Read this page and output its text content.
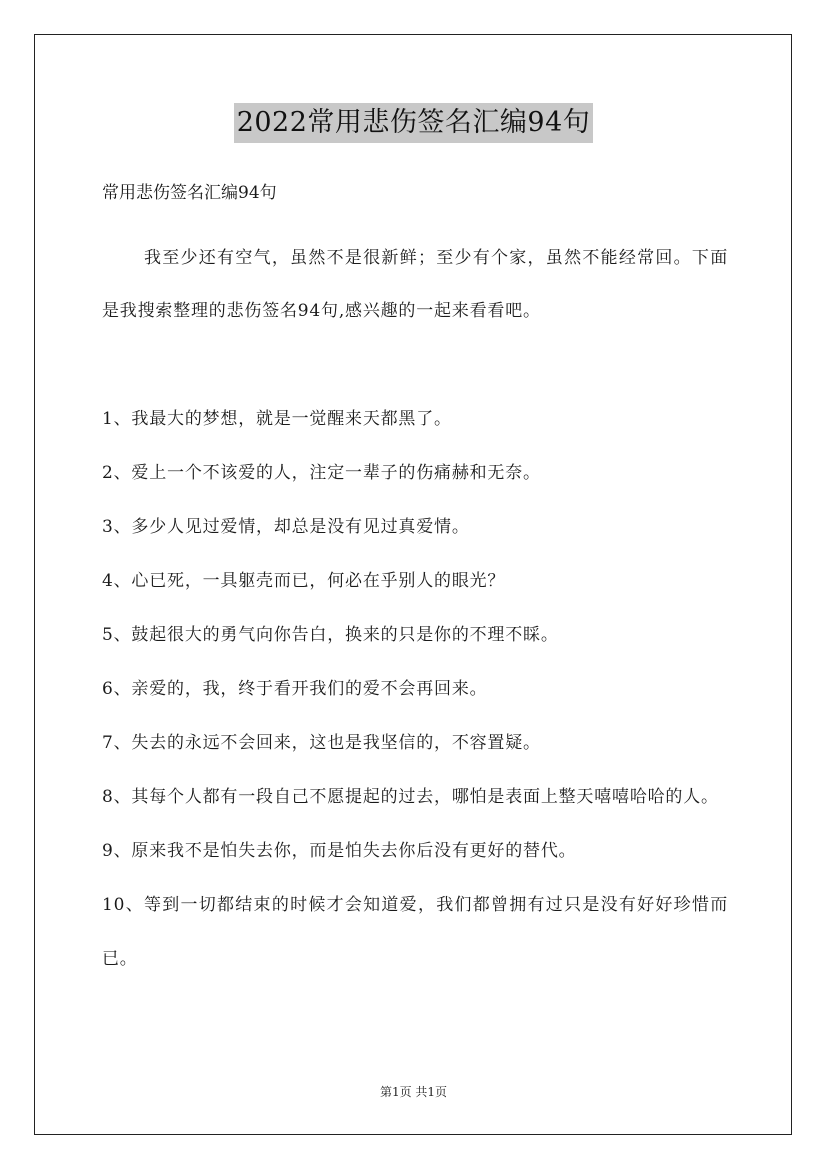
2022常用悲伤签名汇编94句
常用悲伤签名汇编94句

我至少还有空气，虽然不是很新鲜；至少有个家，虽然不能经常回。下面是我搜索整理的悲伤签名94句,感兴趣的一起来看看吧。

1、我最大的梦想，就是一觉醒来天都黑了。

2、爱上一个不该爱的人，注定一辈子的伤痛赫和无奈。

3、多少人见过爱情，却总是没有见过真爱情。

4、心已死，一具躯壳而已，何必在乎别人的眼光？

5、鼓起很大的勇气向你告白，换来的只是你的不理不睬。

6、亲爱的，我，终于看开我们的爱不会再回来。

7、失去的永远不会回来，这也是我坚信的，不容置疑。

8、其每个人都有一段自己不愿提起的过去，哪怕是表面上整天嘻嘻哈哈的人。

9、原来我不是怕失去你，而是怕失去你后没有更好的替代。

10、等到一切都结束的时候才会知道爱，我们都曾拥有过只是没有好好珍惜而已。

第1页 共1页
